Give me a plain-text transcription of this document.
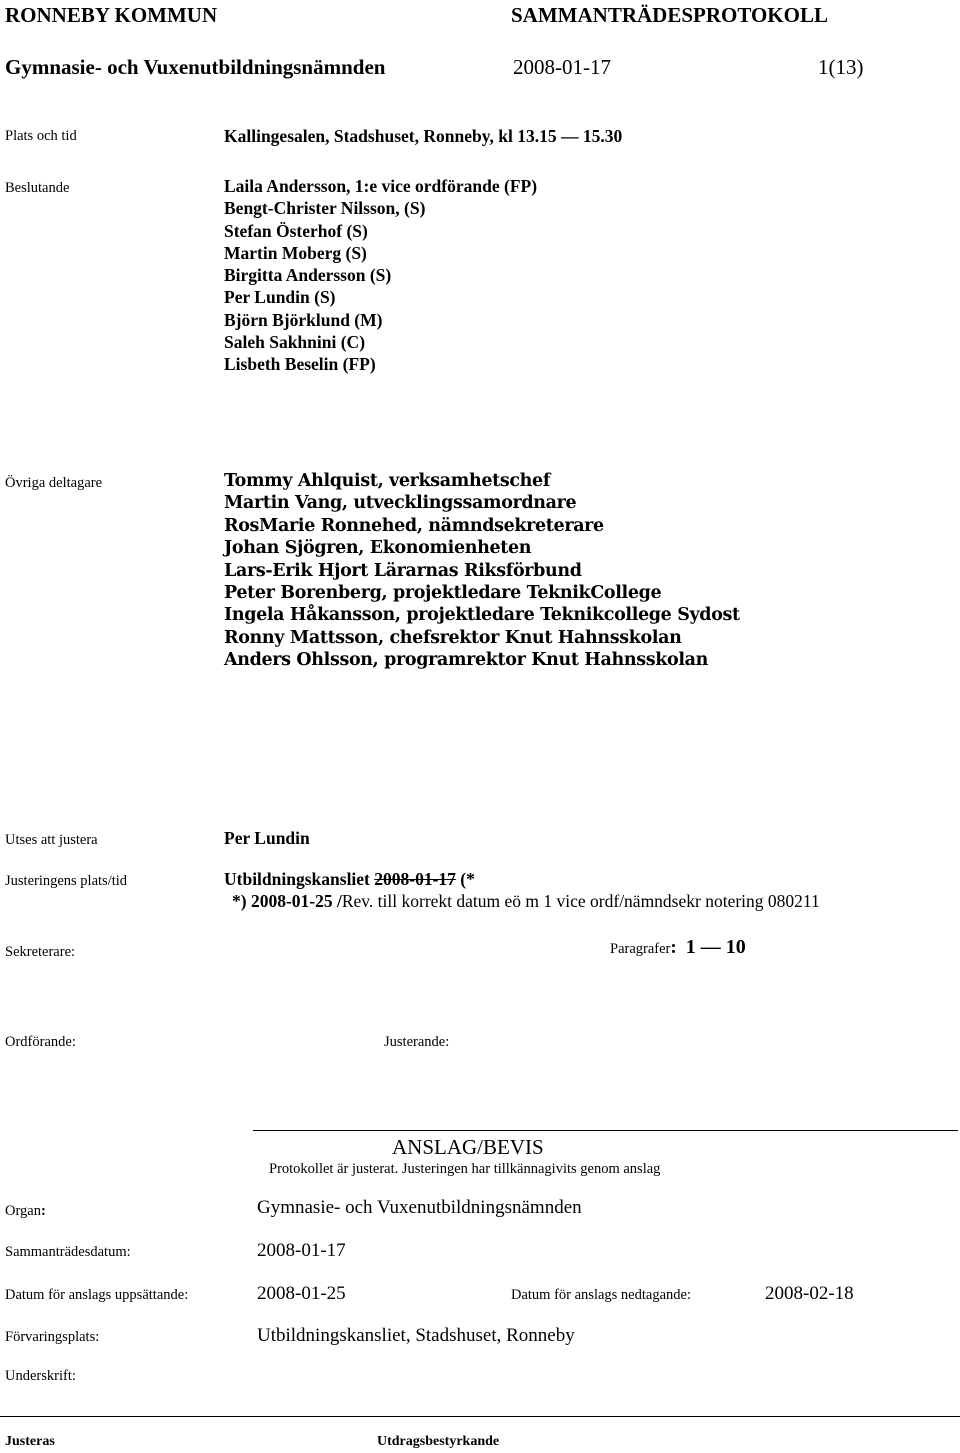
RONNEBY KOMMUN	SAMMANTRÄDESPROTOKOLL
Gymnasie- och Vuxenutbildningsnämnden	2008-01-17	1(13)
Plats och tid	Kallingesalen, Stadshuset, Ronneby, kl 13.15 — 15.30
Beslutande	Laila Andersson, 1:e vice ordförande (FP)
Bengt-Christer Nilsson, (S)
Stefan Österhof (S)
Martin Moberg (S)
Birgitta Andersson (S)
Per Lundin (S)
Björn Björklund (M)
Saleh Sakhnini (C)
Lisbeth Beselin (FP)
Övriga deltagare	Tommy Ahlquist, verksamhetschef
Martin Vang, utvecklingssamordnare
RosMarie Ronnehed, nämndsekreterare
Johan Sjögren, Ekonomienheten
Lars-Erik Hjort Lärarnas Riksförbund
Peter Borenberg, projektledare TeknikCollege
Ingela Håkansson, projektledare Teknikcollege Sydost
Ronny Mattsson, chefsrektor Knut Hahnsskolan
Anders Ohlsson, programrektor Knut Hahnsskolan
Utses att justera	Per Lundin
Justeringens plats/tid	Utbildningskansliet 2008-01-17 (*
*) 2008-01-25 /Rev. till korrekt datum eö m 1 vice ordf/nämndsekr notering 080211
Sekreterare:	Paragrafer: 1 — 10
Ordförande:	Justerande:
ANSLAG/BEVIS
Protokollet är justerat. Justeringen har tillkännagivits genom anslag
Organ:	Gymnasie- och Vuxenutbildningsnämnden
Sammanträdesdatum:	2008-01-17
Datum för anslags uppsättande:	2008-01-25	Datum för anslags nedtagande:	2008-02-18
Förvaringsplats:	Utbildningskansliet, Stadshuset, Ronneby
Underskrift:
Justeras	Utdragsbestyrkande
